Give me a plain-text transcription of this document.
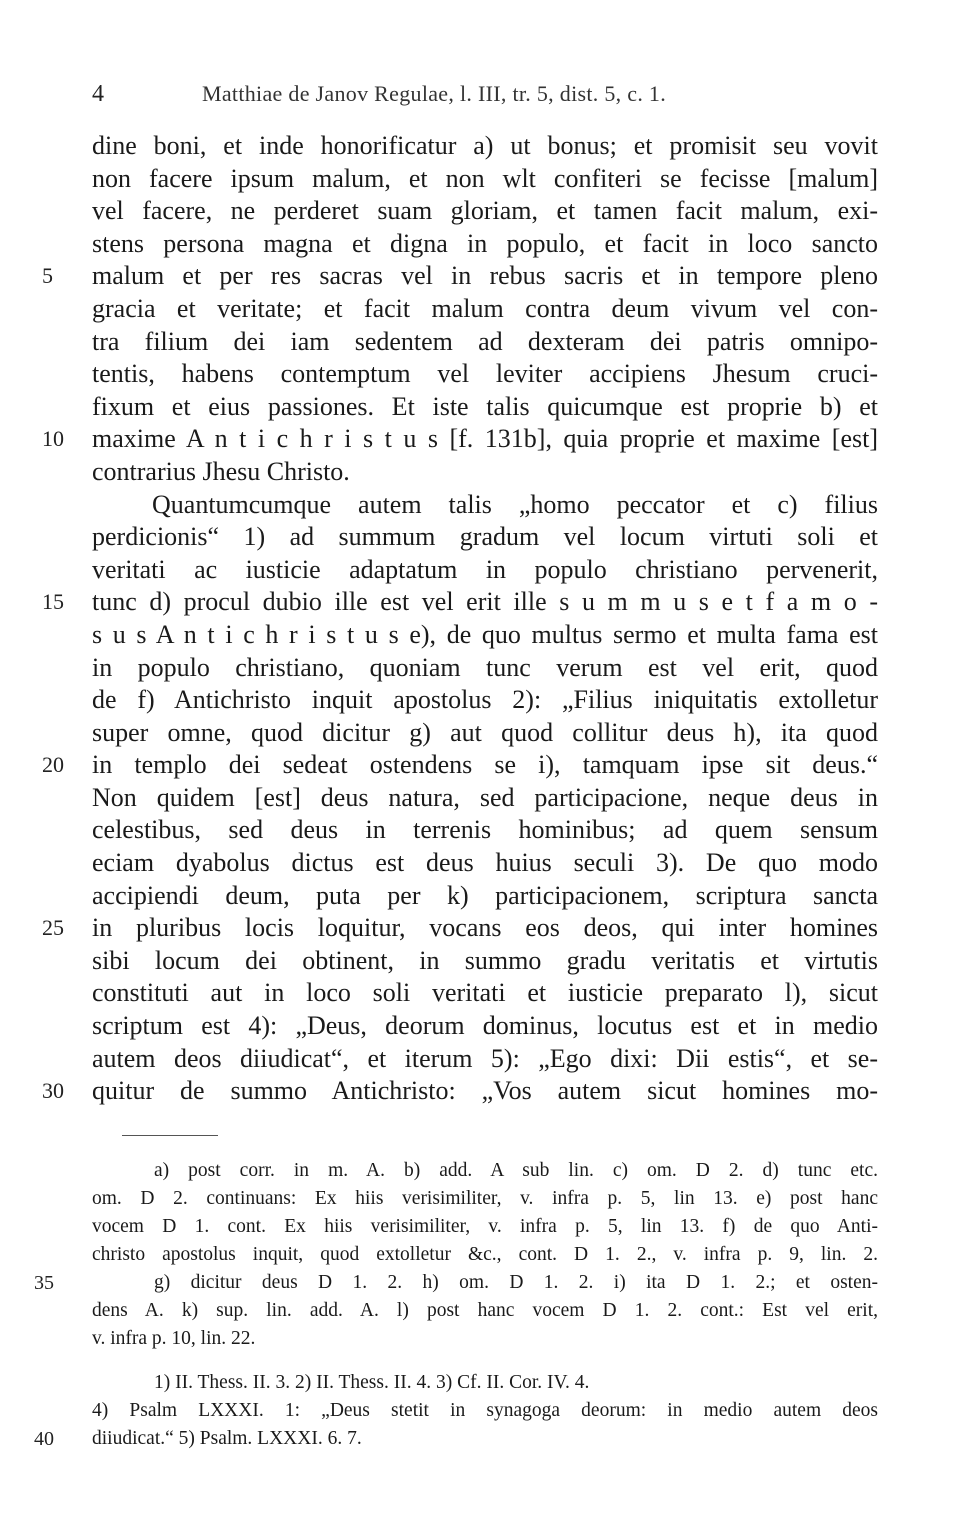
4	Matthiae de Janov Regulae, l. III, tr. 5, dist. 5, c. 1.
dine boni, et inde honorificatur a) ut bonus; et promisit seu vovit
non facere ipsum malum, et non wlt confiteri se fecisse [malum]
vel facere, ne perderet suam gloriam, et tamen facit malum, exi-
stens persona magna et digna in populo, et facit in loco sancto
5	malum et per res sacras vel in rebus sacris et in tempore pleno
gracia et veritate; et facit malum contra deum vivum vel con-
tra filium dei iam sedentem ad dexteram dei patris omnipo-
tentis, habens contemptum vel leviter accipiens Jhesum cruci-
fixum et eius passiones. Et iste talis quicumque est proprie b) et
10	maxime A n t i c h r i s t u s [f. 131b], quia proprie et maxime [est]
contrarius Jhesu Christo.
Quantumcumque autem talis „homo peccator et c) filius
perdicionis“ 1) ad summum gradum vel locum virtuti soli et
veritati ac iusticie adaptatum in populo christiano pervenerit,
15	tunc d) procul dubio ille est vel erit ille s u m m u s e t f a m o -
s u s A n t i c h r i s t u s e), de quo multus sermo et multa fama est
in populo christiano, quoniam tunc verum est vel erit, quod
de f) Antichristo inquit apostolus 2): „Filius iniquitatis extolletur
super omne, quod dicitur g) aut quod collitur deus h), ita quod
20	in templo dei sedeat ostendens se i), tamquam ipse sit deus.“
Non quidem [est] deus natura, sed participacione, neque deus in
celestibus, sed deus in terrenis hominibus; ad quem sensum
eciam dyabolus dictus est deus huius seculi 3). De quo modo
accipiendi deum, puta per k) participacionem, scriptura sancta
25	in pluribus locis loquitur, vocans eos deos, qui inter homines
sibi locum dei obtinent, in summo gradu veritatis et virtutis
constituti aut in loco soli veritati et iusticie preparato l), sicut
scriptum est 4): „Deus, deorum dominus, locutus est et in medio
autem deos diiudicat“, et iterum 5): „Ego dixi: Dii estis“, et se-
30	quitur de summo Antichristo: „Vos autem sicut homines mo-
a) post corr. in m. A. b) add. A sub lin. c) om. D 2. d) tunc etc.
om. D 2. continuans: Ex hiis verisimiliter, v. infra p. 5, lin 13. e) post hanc
vocem D 1. cont. Ex hiis verisimiliter, v. infra p. 5, lin 13. f) de quo Anti-
christo apostolus inquit, quod extolletur &c., cont. D 1. 2., v. infra p. 9, lin. 2.
35	g) dicitur deus D 1. 2. h) om. D 1. 2. i) ita D 1. 2.; et osten-
dens A. k) sup. lin. add. A. l) post hanc vocem D 1. 2. cont.: Est vel erit,
v. infra p. 10, lin. 22.
1) II. Thess. II. 3. 2) II. Thess. II. 4. 3) Cf. II. Cor. IV. 4.
4) Psalm LXXXI. 1: „Deus stetit in synagoga deorum: in medio autem deos
40	diiudicat.“ 5) Psalm. LXXXI. 6. 7.
